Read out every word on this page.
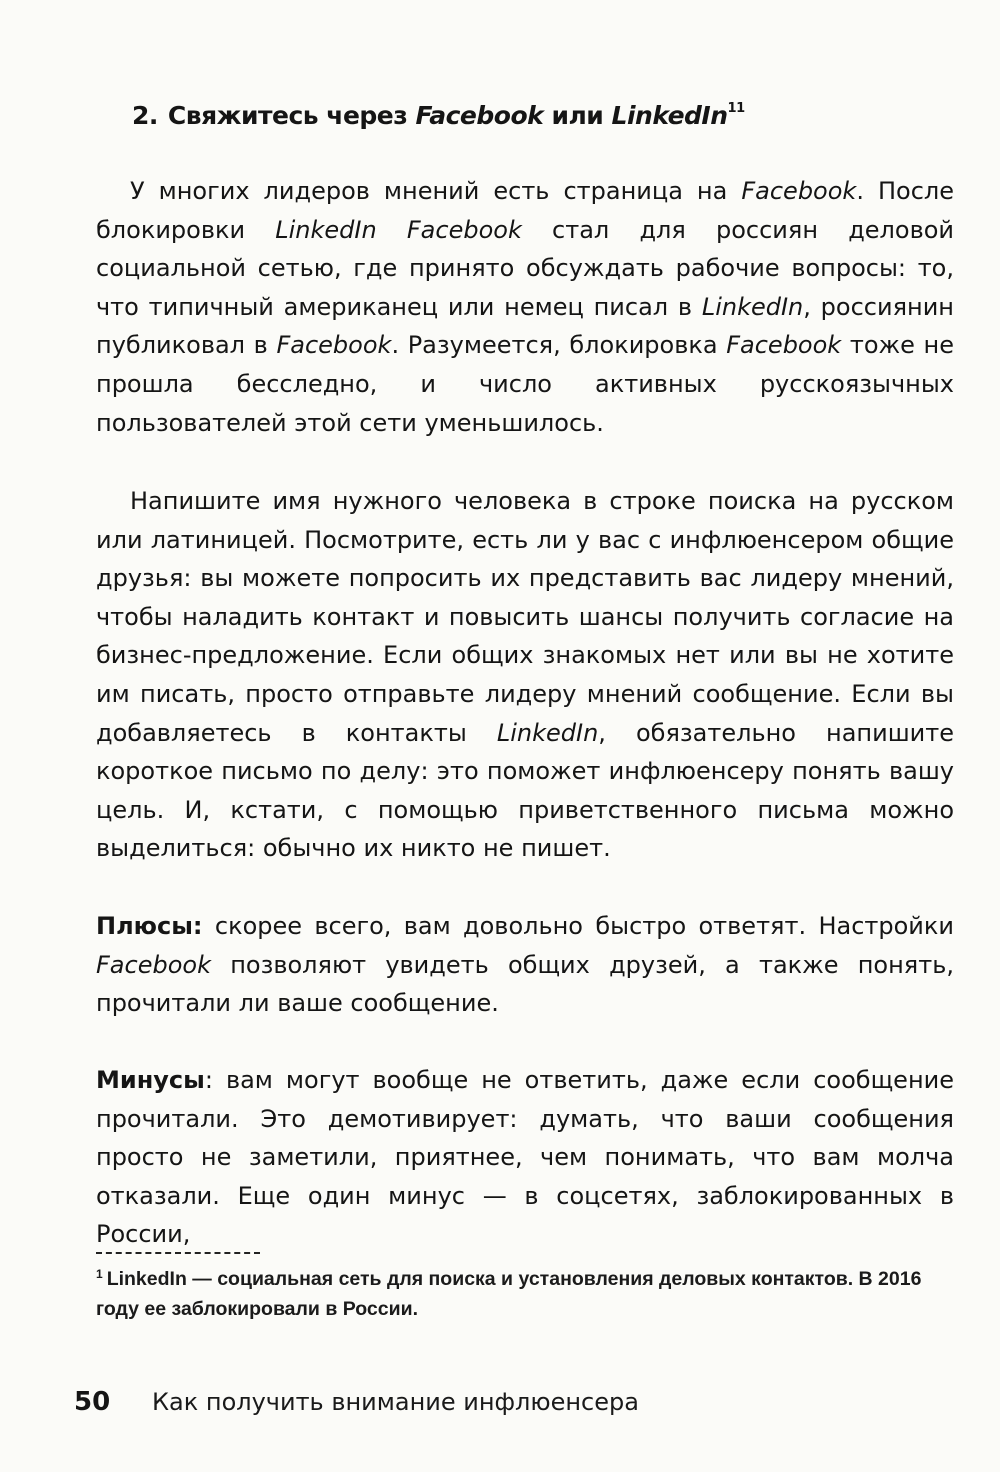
2. Свяжитесь через Facebook или LinkedIn$^{11}$

У многих лидеров мнений есть страница на Facebook. После блокировки LinkedIn Facebook стал для россиян деловой социальной сетью, где принято обсуждать рабочие вопросы: то, что типичный американец или немец писал в LinkedIn, россиянин публиковал в Facebook. Разумеется, блокировка Facebook тоже не прошла бесследно, и число активных русскоязычных пользователей этой сети уменьшилось.

Напишите имя нужного человека в строке поиска на русском или латиницей. Посмотрите, есть ли у вас с инфлюенсером общие друзья: вы можете попросить их представить вас лидеру мнений, чтобы наладить контакт и повысить шансы получить согласие на бизнес-предложение. Если общих знакомых нет или вы не хотите им писать, просто отправьте лидеру мнений сообщение. Если вы добавляетесь в контакты LinkedIn, обязательно напишите короткое письмо по делу: это поможет инфлюенсеру понять вашу цель. И, кстати, с помощью приветственного письма можно выделиться: обычно их никто не пишет.

Плюсы: скорее всего, вам довольно быстро ответят. Настройки Facebook позволяют увидеть общих друзей, а также понять, прочитали ли ваше сообщение.

Минусы: вам могут вообще не ответить, даже если сообщение прочитали. Это демотивирует: думать, что ваши сообщения просто не заметили, приятнее, чем понимать, что вам молча отказали. Еще один минус — в соцсетях, заблокированных в России,

$^1$ LinkedIn — социальная сеть для поиска и установления деловых контактов. В 2016 году ее заблокировали в России.
50 Как получить внимание инфлюенсера
